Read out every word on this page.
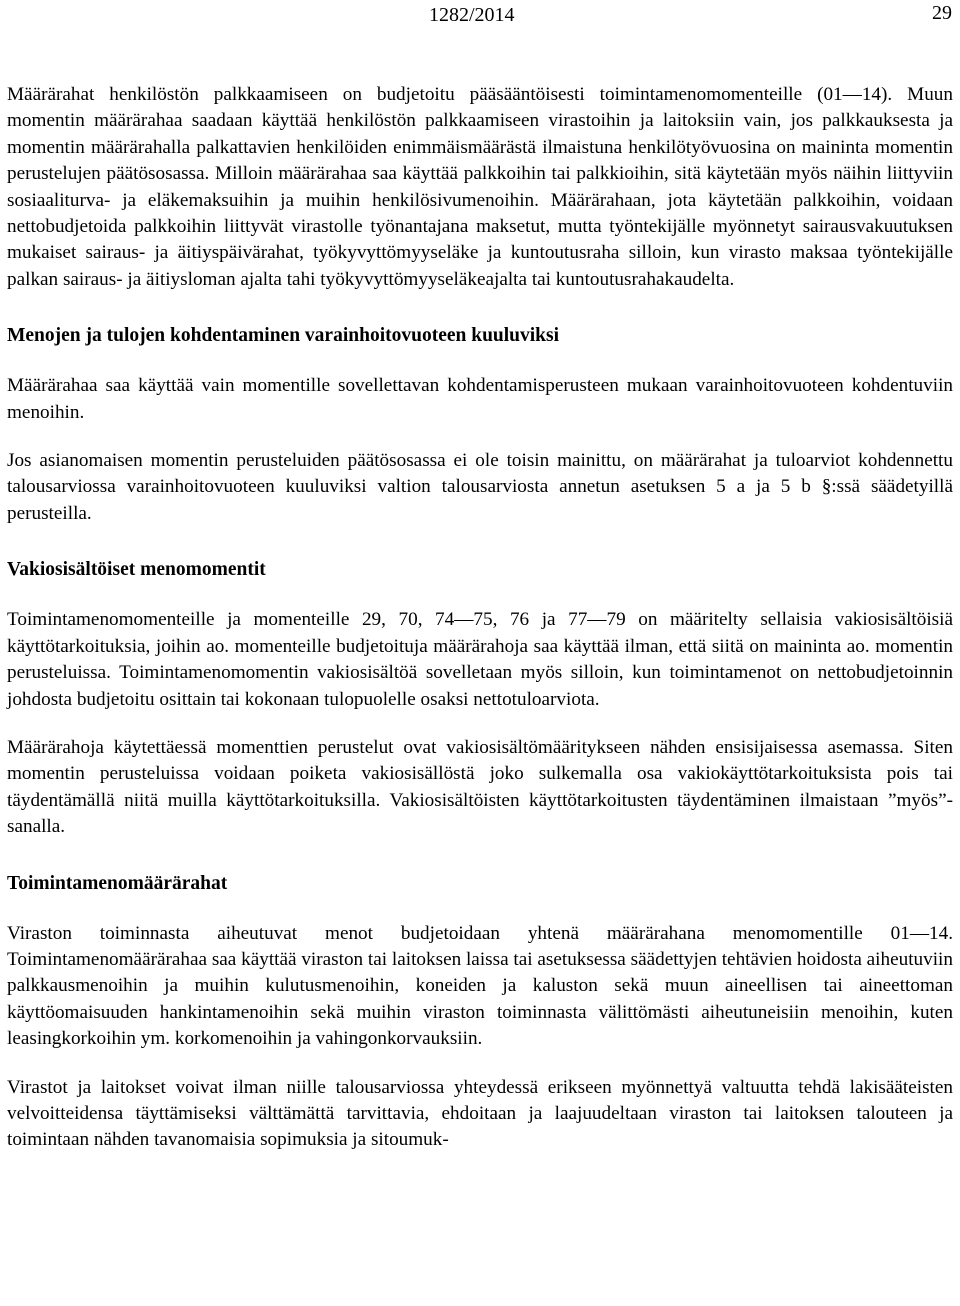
1282/2014	29

Määrärahat henkilöstön palkkaamiseen on budjetoitu pääsääntöisesti toimintamenomomenteille (01—14). Muun momentin määrärahaa saadaan käyttää henkilöstön palkkaamiseen virastoihin ja laitoksiin vain, jos palkkauksesta ja momentin määrärahalla palkattavien henkilöiden enimmäismäärästä ilmaistuna henkilötyövuosina on maininta momentin perustelujen päätösosassa. Milloin määrärahaa saa käyttää palkkoihin tai palkkioihin, sitä käytetään myös näihin liittyviin sosiaaliturva- ja eläkemaksuihin ja muihin henkilösivumenoihin. Määrärahaan, jota käytetään palkkoihin, voidaan nettobudjetoida palkkoihin liittyvät virastolle työnantajana maksetut, mutta työntekijälle myönnetyt sairausvakuutuksen mukaiset sairaus- ja äitiyspäivärahat, työkyvyttömyyseläke ja kuntoutusraha silloin, kun virasto maksaa työntekijälle palkan sairaus- ja äitiysloman ajalta tahi työkyvyttömyyseläkeajalta tai kuntoutusrahakaudelta.

Menojen ja tulojen kohdentaminen varainhoitovuoteen kuuluviksi

Määrärahaa saa käyttää vain momentille sovellettavan kohdentamisperusteen mukaan varainhoitovuoteen kohdentuviin menoihin.

Jos asianomaisen momentin perusteluiden päätösosassa ei ole toisin mainittu, on määrärahat ja tuloarviot kohdennettu talousarviossa varainhoitovuoteen kuuluviksi valtion talousarviosta annetun asetuksen 5 a ja 5 b §:ssä säädetyillä perusteilla.

Vakiosisältöiset menomomentit

Toimintamenomomenteille ja momenteille 29, 70, 74—75, 76 ja 77—79 on määritelty sellaisia vakiosisältöisiä käyttötarkoituksia, joihin ao. momenteille budjetoituja määrärahoja saa käyttää ilman, että siitä on maininta ao. momentin perusteluissa. Toimintamenomomentin vakiosisältöä sovelletaan myös silloin, kun toimintamenot on nettobudjetoinnin johdosta budjetoitu osittain tai kokonaan tulopuolelle osaksi nettotuloarviota.

Määrärahoja käytettäessä momenttien perustelut ovat vakiosisältömääritykseen nähden ensisijaisessa asemassa. Siten momentin perusteluissa voidaan poiketa vakiosisällöstä joko sulkemalla osa vakiokäyttötarkoituksista pois tai täydentämällä niitä muilla käyttötarkoituksilla. Vakiosisältöisten käyttötarkoitusten täydentäminen ilmaistaan ”myös”-sanalla.

Toimintamenomäärärahat

Viraston toiminnasta aiheutuvat menot budjetoidaan yhtenä määrärahana menomomentille 01—14. Toimintamenomäärärahaa saa käyttää viraston tai laitoksen laissa tai asetuksessa säädettyjen tehtävien hoidosta aiheutuviin palkkausmenoihin ja muihin kulutusmenoihin, koneiden ja kaluston sekä muun aineellisen tai aineettoman käyttöomaisuuden hankintamenoihin sekä muihin viraston toiminnasta välittömästi aiheutuneisiin menoihin, kuten leasingkorkoihin ym. korkomenoihin ja vahingonkorvauksiin.

Virastot ja laitokset voivat ilman niille talousarviossa yhteydessä erikseen myönnettyä valtuutta tehdä lakisääteisten velvoitteidensa täyttämiseksi välttämättä tarvittavia, ehdoitaan ja laajuudeltaan viraston tai laitoksen talouteen ja toimintaan nähden tavanomaisia sopimuksia ja sitoumuk-
